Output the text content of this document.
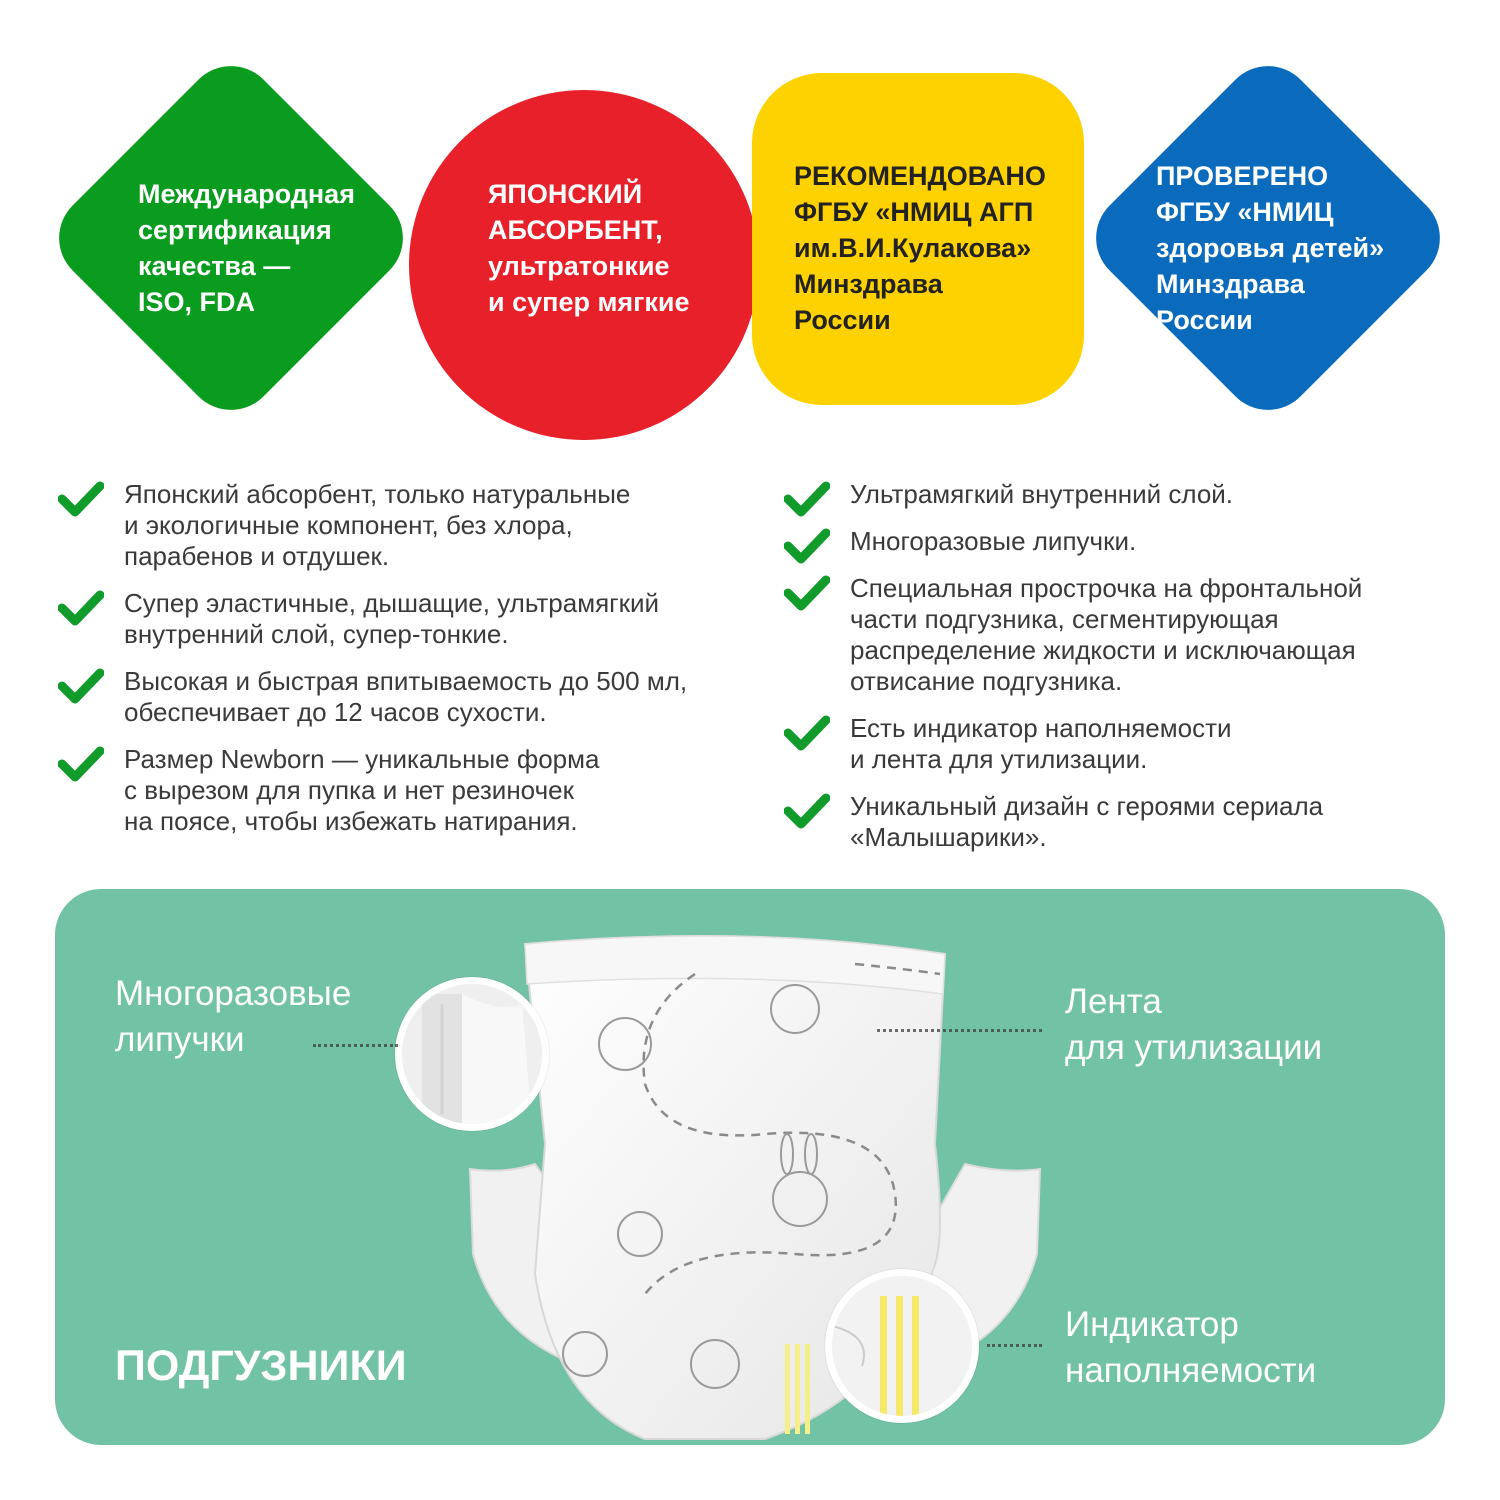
Международная
сертификация
качества —
ISO, FDA
ЯПОНСКИЙ
АБСОРБЕНТ,
ультратонкие
и супер мягкие
РЕКОМЕНДОВАНО
ФГБУ «НМИЦ АГП
им.В.И.Кулакова»
Минздрава
России
ПРОВЕРЕНО
ФГБУ «НМИЦ
здоровья детей»
Минздрава
России
Японский абсорбент, только натуральные
и экологичные компонент, без хлора,
парабенов и отдушек.
Супер эластичные, дышащие, ультрамягкий
внутренний слой, супер-тонкие.
Высокая и быстрая впитываемость до 500 мл,
обеспечивает до 12 часов сухости.
Размер Newborn — уникальные форма
с вырезом для пупка и нет резиночек
на поясе, чтобы избежать натирания.
Ультрамягкий внутренний слой.
Многоразовые липучки.
Специальная прострочка на фронтальной
части подгузника, сегментирующая
распределение жидкости и исключающая
отвисание подгузника.
Есть индикатор наполняемости
и лента для утилизации.
Уникальный дизайн с героями сериала
«Малышарики».
Многоразовые
липучки
Лента
для утилизации
Индикатор
наполняемости
ПОДГУЗНИКИ
